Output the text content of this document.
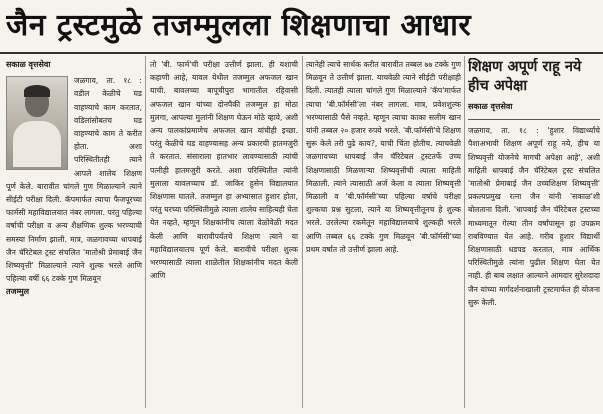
जैन ट्रस्टमुळे तजम्मुलला शिक्षणाचा आधार
सकाळ वृत्तसेवा

जळगाव, ता. १८ : वडील केळीचे घड वाहण्याचे काम करतात, वडिलांसोबतच घड वाहण्याचे काम ते करीत होता. अशा परिस्थितीतही त्याने आपले शालेय शिक्षण पूर्ण केले. बारावीत चांगले गुण मिळाल्याने त्याने सीईटी परीक्षा दिली. कॅपमार्फत त्याचा फैजपूरच्या फार्मसी महाविद्यालयात नंबर लागला. परंतु पहिल्या वर्षाची परीक्षा व अन्य शैक्षणिक शुल्क भरण्याची समस्या निर्माण झाली. मात्र, जळगावच्या धापबाई जैन चॅरिटेबल ट्रस्ट संचलित 'मातोश्री प्रेमाबाई जैन शिष्यवृत्ती' मिळाल्याने त्याने शुल्क भरले आणि पहिल्या वर्षी ६६ टक्के गुण मिळवून

तजम्मुल

तो 'बी. फार्म'ची परीक्षा उत्तीर्ण झाला. ही यशाची कहाणी आहे, यावल येथील तजम्मुल अफजल खान याची. बावलच्या बापूचीपुरा भागातील रहिवासी अफजल खान यांच्या दोनपैकी तजम्मुल हा मोठा मुलगा, आपल्या मुलांनी शिक्षण घेऊन मोठे व्हावे, अशी अन्य पालकांप्रमाणेच अफजल खान यांचीही इच्छा. परंतु केळीचे घड वाहण्यासह अन्य प्रकारची हातमजुरी ते करतात. संसाराला हातभार लावण्यासाठी त्यांची पत्नीही हातमजुरी करते. अशा परिस्थितीत त्यांनी मुलाला यावलच्याच डॉ. जाकिर हुसेन विद्यालयात शिक्षणास घातले. तजम्मुल हा अभ्यासात हुशार होता, परंतु घरच्या परिस्थितीमुळे त्याला शालेय साहित्यही घेता येत नव्हते, म्हणून शिक्षकांनीच त्याला वेळोवेळी मदत केली आणि बारावीपर्यंतचे शिक्षण त्याने या महाविद्यालयातच पूर्ण केले. बारावीचे परीक्षा शुल्क भरण्यासाठी त्याला शाळेतील शिक्षकांनीच मदत केली आणि

त्यानेही त्याचे सार्थक करीत बारावीत तब्बल ७७ टक्के गुण मिळवून ते उत्तीर्ण झाला. याचवेळी त्याने सीईटी परीक्षाही दिली. त्यातही त्याला चांगले गुण मिळाल्याने 'कॅप'मार्फत त्याचा 'बी.फॉर्मसी'ला नंबर लागला. मात्र, प्रवेशशुल्क भरण्यासाठी पैसे नव्हते. म्हणून त्याचा काका सलीम खान यांनी तब्बल २० हजार रुपये भरले. 'बी.फॉर्मसी'चे शिक्षण सुरू केले तरी पुढे काय?, याची चिंता होतीच. त्याचवेळी जळगावच्या धापबाई जैन चॅरिटेबल ट्रस्टतर्फे उच्च शिक्षणासाठी मिळणाऱ्या शिष्यवृत्तीची त्याला माहिती मिळाली. त्याने त्यासाठी अर्ज केला व त्याला शिष्यवृत्ती मिळाली व 'बी.फॉर्मसी'च्या पहिल्या वर्षाचे परीक्षा शुल्कचा प्रश्न सुटला, त्याने या शिष्यवृत्तीतूनच हे शुल्क भरले. उरलेल्या रकमेतून महाविद्यालयाचे शुल्कही भरले आणि तब्बल ६६ टक्के गुण मिळवून 'बी.फॉर्मसी'च्या प्रथम वर्षात तो उत्तीर्ण झाला आहे.

शिक्षण अपूर्ण राहू नये हीच अपेक्षा
सकाळ वृत्तसेवा

जळगाव, ता. १८ : 'हुशार विद्यार्थ्यांचे पैशाअभावी शिक्षण अपूर्ण राहू नये, हीच या शिष्यवृत्ती योजनेचे मागची अपेक्षा आहे', अशी माहिती धापबाई जैन चॅरिटेबल ट्रस्ट संचलित 'मातोश्री प्रेमाबाई जैन उच्चशिक्षण शिष्यवृत्ती' प्रकल्पप्रमुख रत्ना जैन यांनी 'सकाळ'शी बोलताना दिली. 'धापबाई जैन चॅरिटेबल ट्रस्टच्या माध्यमातून गेल्या तीन वर्षांपासून हा उपक्रम राबविण्यात येत आहे. गरीब हुशार विद्यार्थी शिक्षणासाठी धडपड करतात, मात्र आर्थिक परिस्थितीमुळे त्यांना पुढील शिक्षण घेता येत नाही. ही बाब लक्षात आल्याने आमदार सुरेशदादा जैन यांच्या मार्गदर्शनाखाली ट्रस्टमार्फत ही योजना सुरू केली.
